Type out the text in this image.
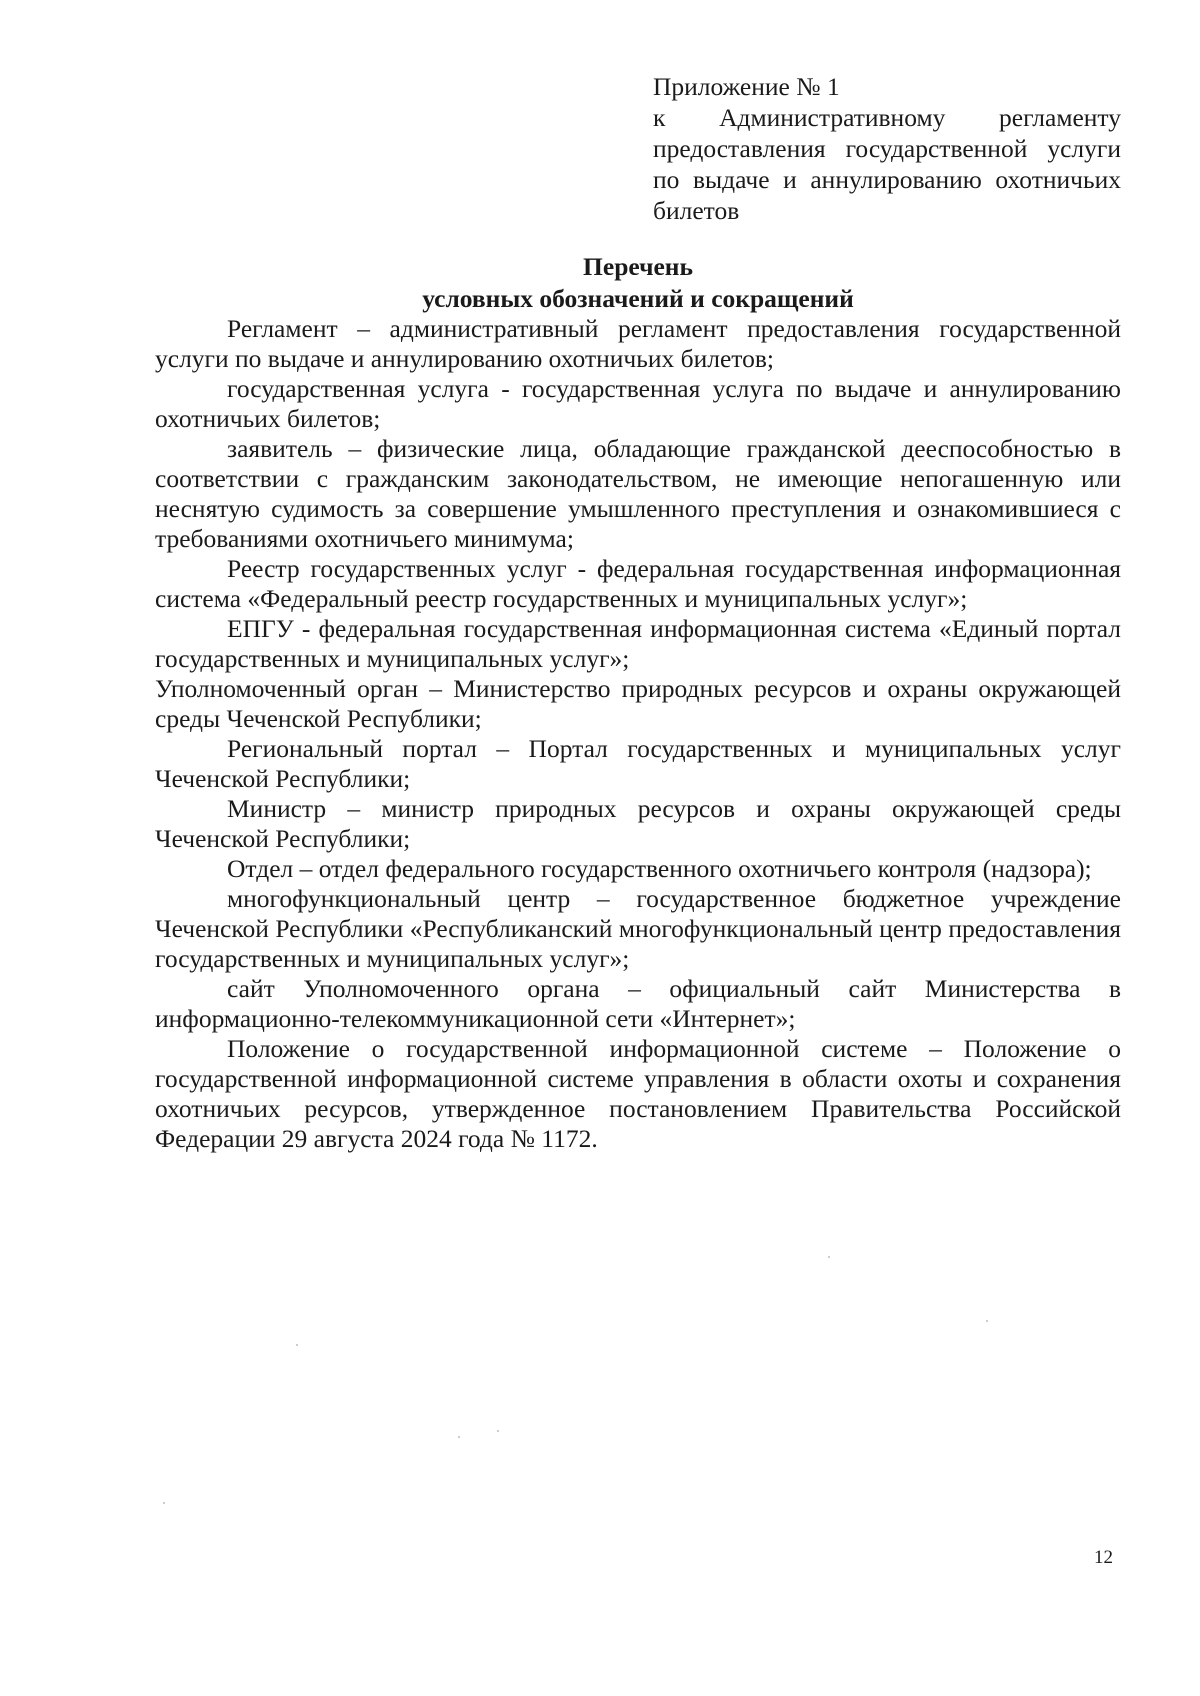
Приложение № 1
к Административному регламенту предоставления государственной услуги по выдаче и аннулированию охотничьих билетов
Перечень
условных обозначений и сокращений

Регламент – административный регламент предоставления государственной услуги по выдаче и аннулированию охотничьих билетов;

государственная услуга - государственная услуга по выдаче и аннулированию охотничьих билетов;

заявитель – физические лица, обладающие гражданской дееспособностью в соответствии с гражданским законодательством, не имеющие непогашенную или неснятую судимость за совершение умышленного преступления и ознакомившиеся с требованиями охотничьего минимума;

Реестр государственных услуг - федеральная государственная информационная система «Федеральный реестр государственных и муниципальных услуг»;

ЕПГУ - федеральная государственная информационная система «Единый портал государственных и муниципальных услуг»;

Уполномоченный орган – Министерство природных ресурсов и охраны окружающей среды Чеченской Республики;

Региональный портал – Портал государственных и муниципальных услуг Чеченской Республики;

Министр – министр природных ресурсов и охраны окружающей среды Чеченской Республики;

Отдел – отдел федерального государственного охотничьего контроля (надзора);

многофункциональный центр – государственное бюджетное учреждение Чеченской Республики «Республиканский многофункциональный центр предоставления государственных и муниципальных услуг»;

сайт Уполномоченного органа – официальный сайт Министерства в информационно-телекоммуникационной сети «Интернет»;

Положение о государственной информационной системе – Положение о государственной информационной системе управления в области охоты и сохранения охотничьих ресурсов, утвержденное постановлением Правительства Российской Федерации 29 августа 2024 года № 1172.

12
